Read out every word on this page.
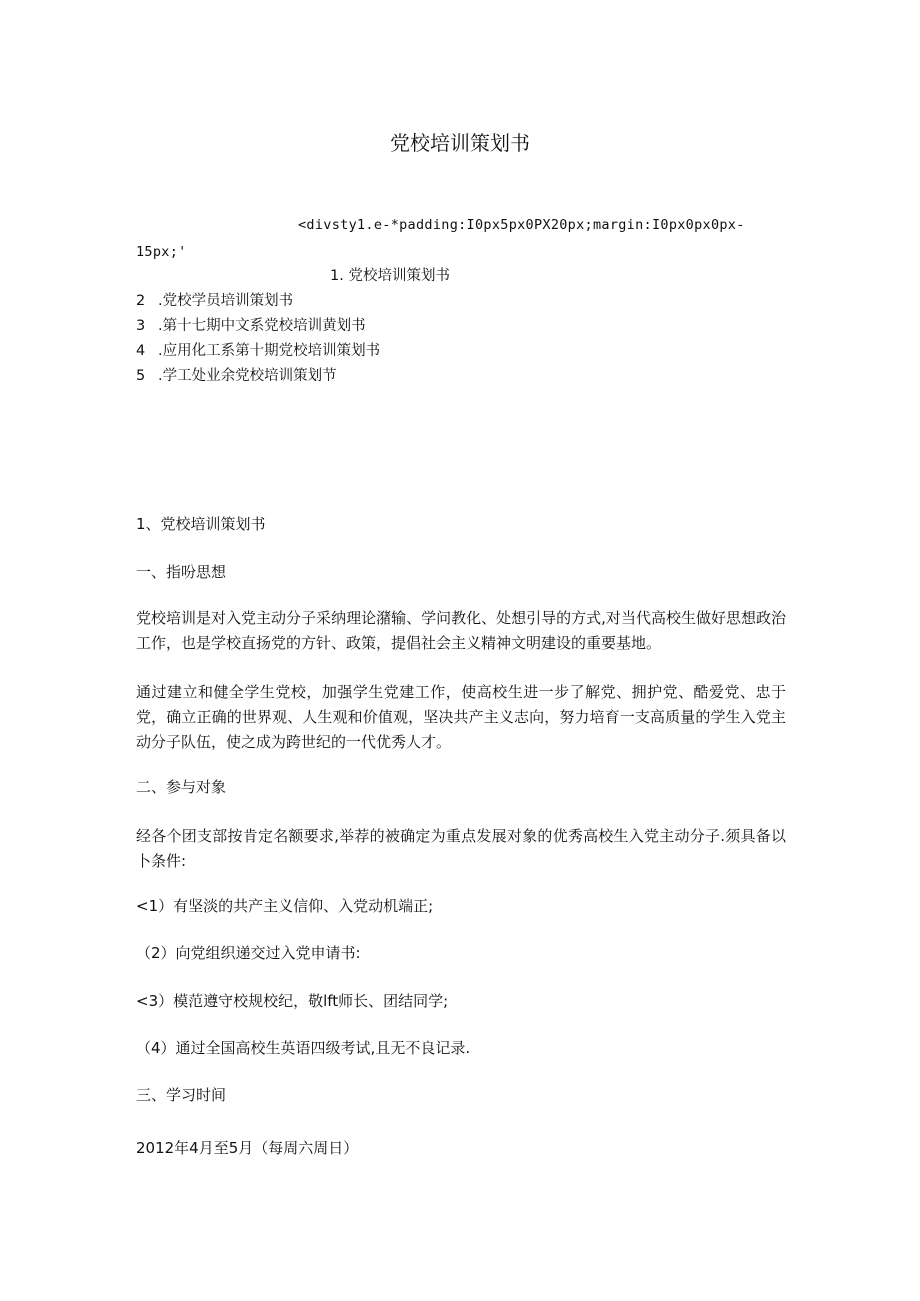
党校培训策划书
<divsty1.e-*padding:I0px5px0PX20px;margin:I0px0px0px-
15px;'
1. 党校培训策划书
2 .党校学员培训策划书
3 .第十七期中文系党校培训黄划书
4 .应用化工系第十期党校培训策划书
5 .学工处业余党校培训策划节
1、党校培训策划书
一、指吩思想
党校培训是对入党主动分子采纳理论潴输、学问教化、处想引导的方式,对当代高校生做好思想政治工作，也是学校直扬党的方针、政策，提倡社会主义精神文明建设的重要基地。
通过建立和健全学生党校，加强学生党建工作，使高校生进一步了解党、拥护党、酷爱党、忠于党，确立正确的世界观、人生观和价值观，坚决共产主义志向，努力培育一支高质量的学生入党主动分子队伍，使之成为跨世纪的一代优秀人才。
二、参与对象
经各个团支部按肯定名额要求,举荐的被确定为重点发展对象的优秀高校生入党主动分子.须具备以卜条件:
<1）有坚淡的共产主义信仰、入党动机端正;
（2）向党组织递交过入党申请书:
<3）模范遵守校规校纪，敬lft师长、团结同学;
（4）通过全国高校生英语四级考试,且无不良记录.
三、学习时间
2012年4月至5月（每周六周日）
